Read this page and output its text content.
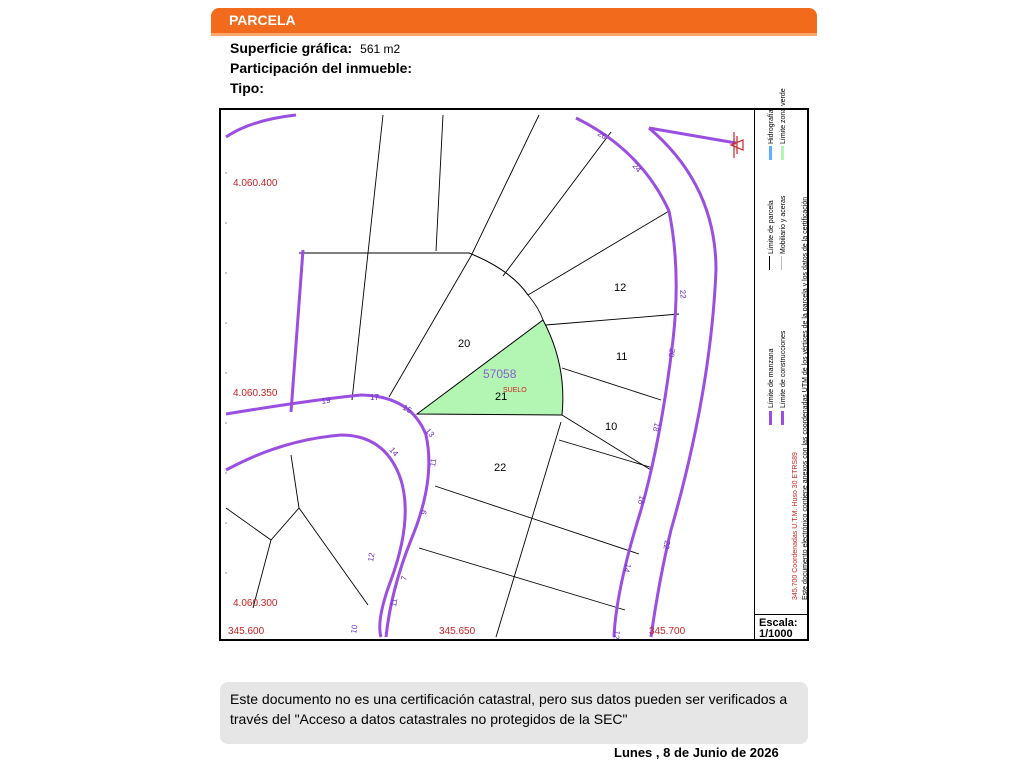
PARCELA
Superficie gráfica: 561 m2
Participación del inmueble:
Tipo:
4.060.400
4.060.350
4.060.300
345.600	345.650	345.700
12
11
10
20
21
22
57058
SUELO
26
24
22
20
18
16
14
12
22
19	17
15
13
14
11
9
12
7
11
10
Límite de manzana
Límite de parcela
Hidrografía
Límite de construcciones
Mobiliario y aceras
Límite zona verde
345.700 Coordenadas U.T.M. Huso 30 ETRS89 Este documento electrónico contiene anexos con las coordenadas UTM de los vértices de la parcela y los datos de la certificación
Escala:
1/1000
Este documento no es una certificación catastral, pero sus datos pueden ser verificados a través del "Acceso a datos catastrales no protegidos de la SEC"
Lunes , 8 de Junio de 2026
